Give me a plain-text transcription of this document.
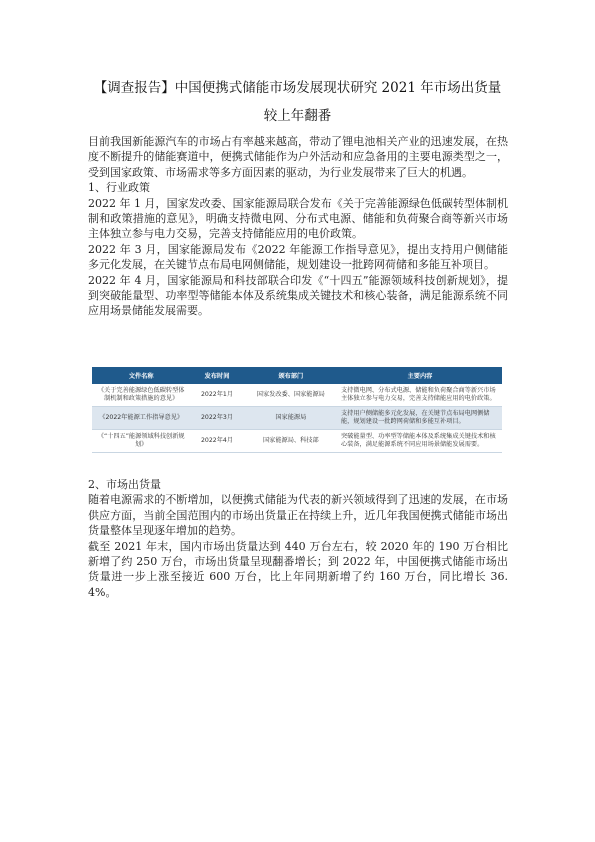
【调查报告】中国便携式储能市场发展现状研究 2021 年市场出货量
较上年翻番

目前我国新能源汽车的市场占有率越来越高，带动了锂电池相关产业的迅速发展，在热度不断提升的储能赛道中，便携式储能作为户外活动和应急备用的主要电源类型之一，受到国家政策、市场需求等多方面因素的驱动，为行业发展带来了巨大的机遇。

1、行业政策

2022 年 1 月，国家发改委、国家能源局联合发布《关于完善能源绿色低碳转型体制机制和政策措施的意见》，明确支持微电网、分布式电源、储能和负荷聚合商等新兴市场主体独立参与电力交易，完善支持储能应用的电价政策。

2022 年 3 月，国家能源局发布《2022 年能源工作指导意见》，提出支持用户侧储能多元化发展，在关键节点布局电网侧储能，规划建设一批跨网荷储和多能互补项目。

2022 年 4 月，国家能源局和科技部联合印发《“十四五”能源领域科技创新规划》，提到突破能量型、功率型等储能本体及系统集成关键技术和核心装备，满足能源系统不同应用场景储能发展需要。

文件名称	发布时间	颁布部门	主要内容
《关于完善能源绿色低碳转型体制机制和政策措施的意见》	2022年1月	国家发改委、国家能源局	支持微电网、分布式电源、储能和负荷聚合商等新兴市场主体独立参与电力交易，完善支持储能应用的电价政策。
《2022年能源工作指导意见》	2022年3月	国家能源局	支持用户侧储能多元化发展，在关键节点布局电网侧储能，规划建设一批跨网荷储和多能互补项目。
《“十四五”能源领域科技创新规划》	2022年4月	国家能源局、科技部	突破能量型、功率型等储能本体及系统集成关键技术和核心装备，满足能源系统不同应用场景储能发展需要。

2、市场出货量

随着电源需求的不断增加，以便携式储能为代表的新兴领域得到了迅速的发展，在市场供应方面，当前全国范围内的市场出货量正在持续上升，近几年我国便携式储能市场出货量整体呈现逐年增加的趋势。

截至 2021 年末，国内市场出货量达到 440 万台左右，较 2020 年的 190 万台相比新增了约 250 万台，市场出货量呈现翻番增长；到 2022 年，中国便携式储能市场出货量进一步上涨至接近 600 万台，比上年同期新增了约 160 万台，同比增长 36.4%。
